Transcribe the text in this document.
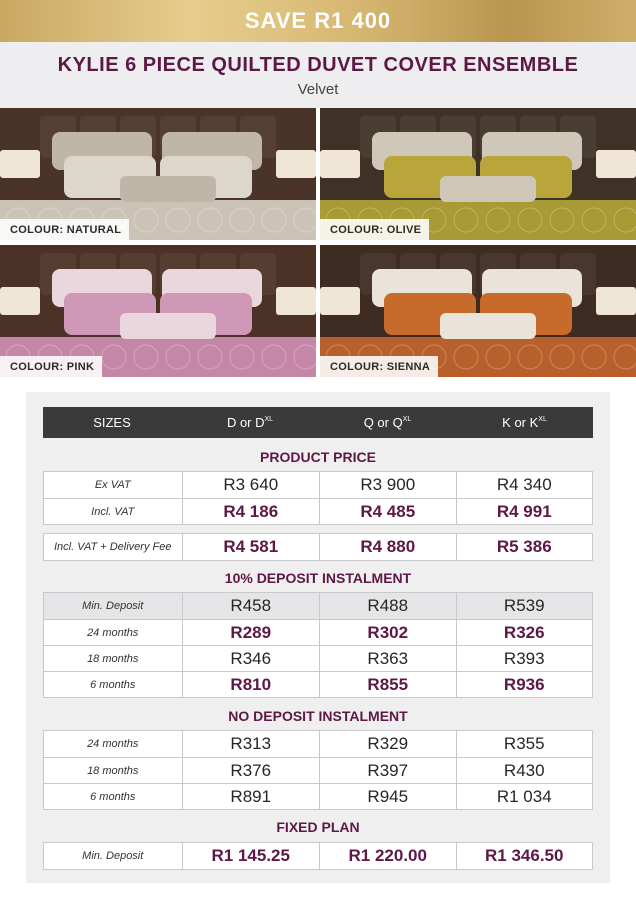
SAVE R1 400
KYLIE 6 PIECE QUILTED DUVET COVER ENSEMBLE
Velvet
COLOUR: NATURAL	COLOUR: OLIVE
COLOUR: PINK	COLOUR: SIENNA
SIZES	D or $D^{XL}$	Q or $Q^{XL}$	K or $K^{XL}$
PRODUCT PRICE
Ex VAT	R3 640	R3 900	R4 340
Incl. VAT	R4 186	R4 485	R4 991
Incl. VAT + Delivery Fee	R4 581	R4 880	R5 386
10% DEPOSIT INSTALMENT
Min. Deposit	R458	R488	R539
24 months	R289	R302	R326
18 months	R346	R363	R393
6 months	R810	R855	R936
NO DEPOSIT INSTALMENT
24 months	R313	R329	R355
18 months	R376	R397	R430
6 months	R891	R945	R1 034
FIXED PLAN
Min. Deposit	R1 145.25	R1 220.00	R1 346.50
